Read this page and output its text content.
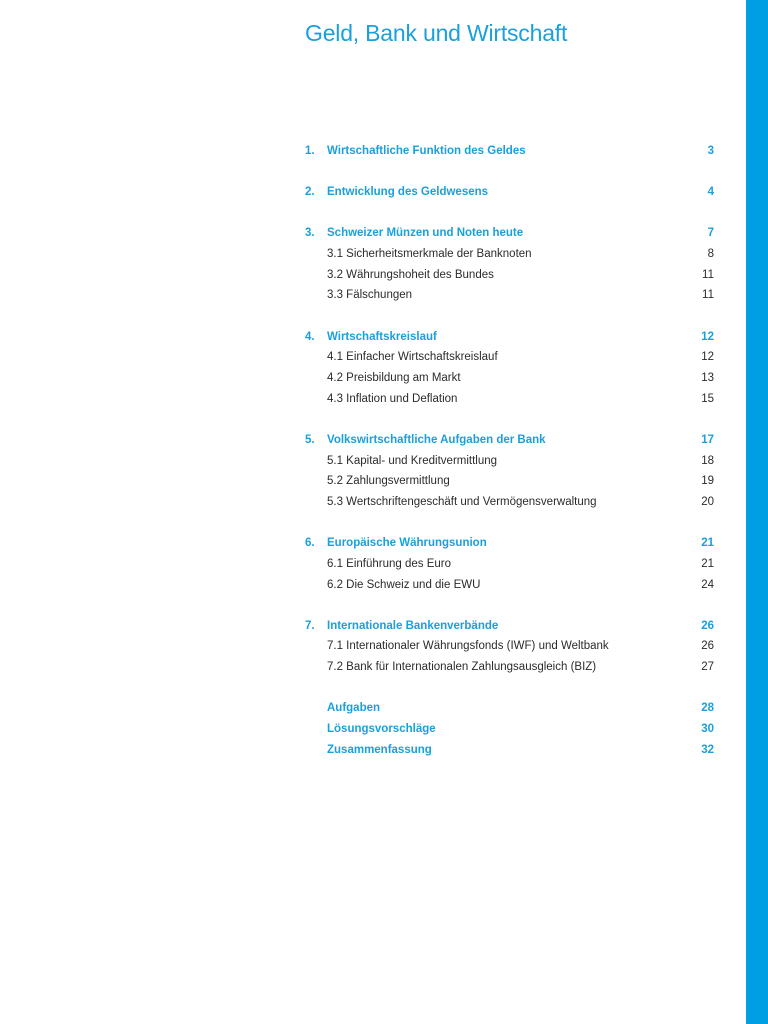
Geld, Bank und Wirtschaft
1. Wirtschaftliche Funktion des Geldes	3
2. Entwicklung des Geldwesens	4
3. Schweizer Münzen und Noten heute	7
3.1 Sicherheitsmerkmale der Banknoten	8
3.2 Währungshoheit des Bundes	11
3.3 Fälschungen	11
4. Wirtschaftskreislauf	12
4.1 Einfacher Wirtschaftskreislauf	12
4.2 Preisbildung am Markt	13
4.3 Inflation und Deflation	15
5. Volkswirtschaftliche Aufgaben der Bank	17
5.1 Kapital- und Kreditvermittlung	18
5.2 Zahlungsvermittlung	19
5.3 Wertschriftengeschäft und Vermögensverwaltung	20
6. Europäische Währungsunion	21
6.1 Einführung des Euro	21
6.2 Die Schweiz und die EWU	24
7. Internationale Bankenverbände	26
7.1 Internationaler Währungsfonds (IWF) und Weltbank	26
7.2 Bank für Internationalen Zahlungsausgleich (BIZ)	27
Aufgaben	28
Lösungsvorschläge	30
Zusammenfassung	32
